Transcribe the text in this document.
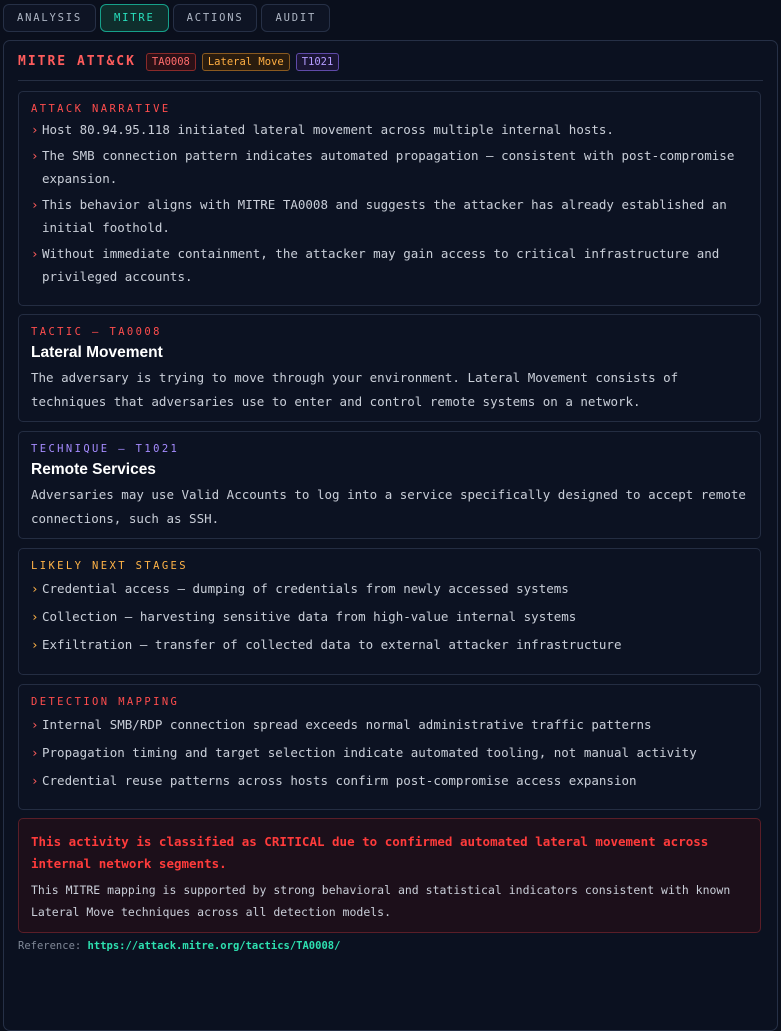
ANALYSIS	MITRE	ACTIONS	AUDIT
MITRE ATT&CK	TA0008	Lateral Move	T1021
ATTACK NARRATIVE
› Host 80.94.95.118 initiated lateral movement across multiple internal hosts.
› The SMB connection pattern indicates automated propagation — consistent with post-compromise expansion.
› This behavior aligns with MITRE TA0008 and suggests the attacker has already established an initial foothold.
› Without immediate containment, the attacker may gain access to critical infrastructure and privileged accounts.
TACTIC — TA0008
Lateral Movement
The adversary is trying to move through your environment. Lateral Movement consists of techniques that adversaries use to enter and control remote systems on a network.
TECHNIQUE — T1021
Remote Services
Adversaries may use Valid Accounts to log into a service specifically designed to accept remote connections, such as SSH.
LIKELY NEXT STAGES
› Credential access — dumping of credentials from newly accessed systems
› Collection — harvesting sensitive data from high-value internal systems
› Exfiltration — transfer of collected data to external attacker infrastructure
DETECTION MAPPING
› Internal SMB/RDP connection spread exceeds normal administrative traffic patterns
› Propagation timing and target selection indicate automated tooling, not manual activity
› Credential reuse patterns across hosts confirm post-compromise access expansion
This activity is classified as CRITICAL due to confirmed automated lateral movement across internal network segments.
This MITRE mapping is supported by strong behavioral and statistical indicators consistent with known Lateral Move techniques across all detection models.
Reference: https://attack.mitre.org/tactics/TA0008/
